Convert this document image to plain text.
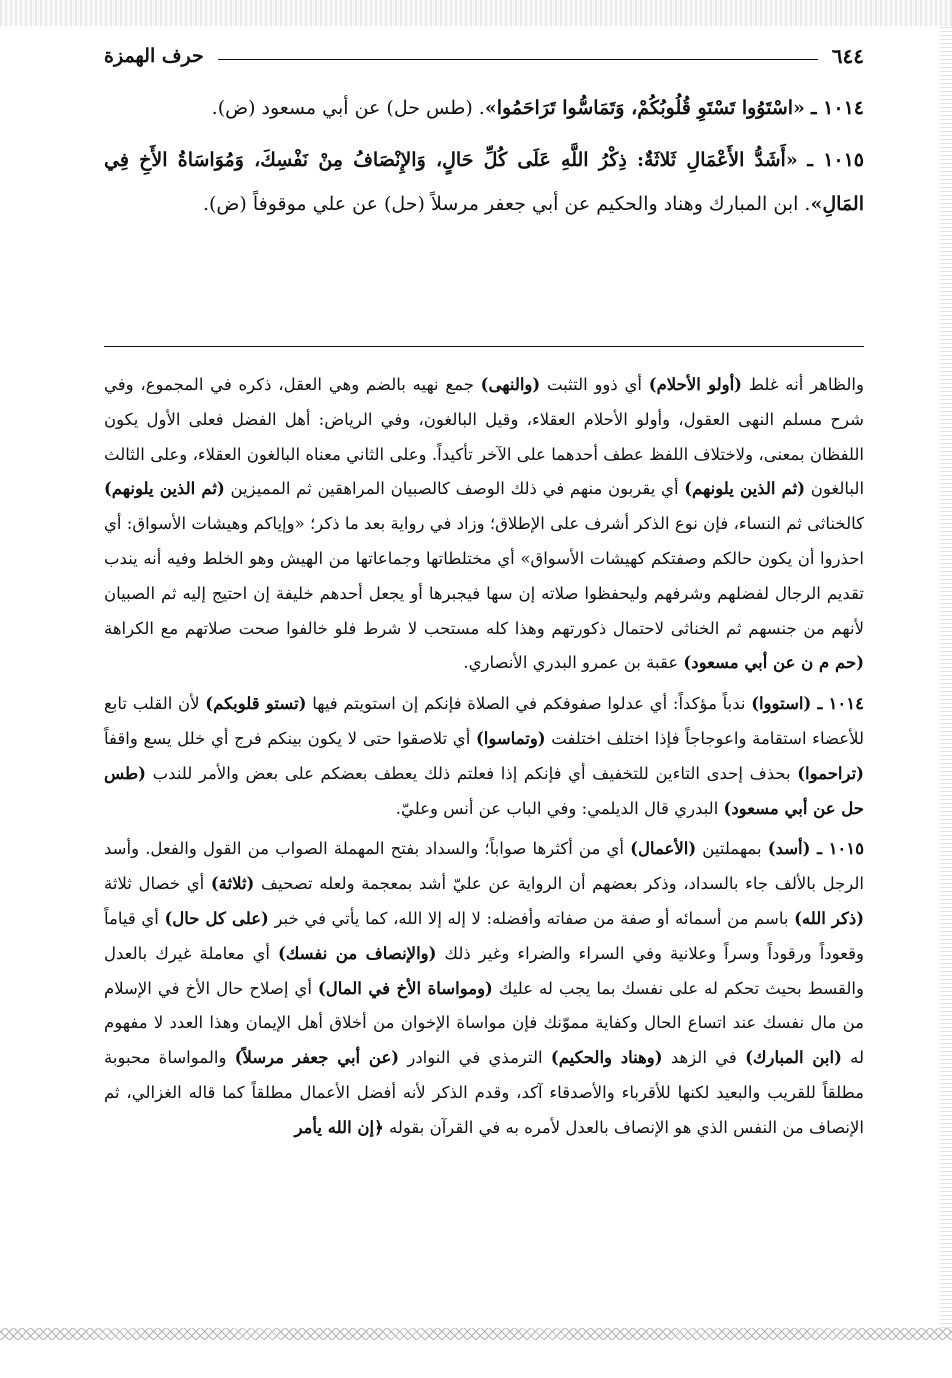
٦٤٤
حرف الهمزة

١٠١٤ ـ «اسْتَوُوا تَسْتَوِ قُلُوبُكُمْ، وَتَمَاسُّوا تَرَاحَمُوا». (طس حل) عن أبي مسعود (ض).

١٠١٥ ـ «أَشَدُّ الأَعْمَالِ ثَلاثَةٌ: ذِكْرُ اللَّهِ عَلَى كُلِّ حَالٍ، وَالإِنْصَافُ مِنْ نَفْسِكَ، وَمُوَاسَاةُ الأَخِ فِي المَالِ». ابن المبارك وهناد والحكيم عن أبي جعفر مرسلاً (حل) عن علي موقوفاً (ض).

والظاهر أنه غلط (أولو الأحلام) أي ذوو التثبت (والنهى) جمع نهيه بالضم وهي العقل، ذكره في المجموع، وفي شرح مسلم النهى العقول، وأولو الأحلام العقلاء، وقيل البالغون، وفي الرياض: أهل الفضل فعلى الأول يكون اللفظان بمعنى، ولاختلاف اللفظ عطف أحدهما على الآخر تأكيداً. وعلى الثاني معناه البالغون العقلاء، وعلى الثالث البالغون (ثم الذين يلونهم) أي يقربون منهم في ذلك الوصف كالصبيان المراهقين ثم المميزين (ثم الذين يلونهم) كالخناثى ثم النساء، فإن نوع الذكر أشرف على الإطلاق؛ وزاد في رواية بعد ما ذكر؛ «وإياكم وهيشات الأسواق: أي احذروا أن يكون حالكم وصفتكم كهيشات الأسواق» أي مختلطاتها وجماعاتها من الهيش وهو الخلط وفيه أنه يندب تقديم الرجال لفضلهم وشرفهم وليحفظوا صلاته إن سها فيجبرها أو يجعل أحدهم خليفة إن احتيج إليه ثم الصبيان لأنهم من جنسهم ثم الخناثى لاحتمال ذكورتهم وهذا كله مستحب لا شرط فلو خالفوا صحت صلاتهم مع الكراهة (حم م ن عن أبي مسعود) عقبة بن عمرو البدري الأنصاري.

١٠١٤ ـ (استووا) ندباً مؤكداً: أي عدلوا صفوفكم في الصلاة فإنكم إن استويتم فيها (تستو قلوبكم) لأن القلب تابع للأعضاء استقامة واعوجاجاً فإذا اختلف اختلفت (وتماسوا) أي تلاصقوا حتى لا يكون بينكم فرج أي خلل يسع واقفاً (تراحموا) بحذف إحدى التاءين للتخفيف أي فإنكم إذا فعلتم ذلك يعطف بعضكم على بعض والأمر للندب (طس حل عن أبي مسعود) البدري قال الديلمي: وفي الباب عن أنس وعليّ.

١٠١٥ ـ (أسد) بمهملتين (الأعمال) أي من أكثرها صواباً؛ والسداد بفتح المهملة الصواب من القول والفعل. وأسد الرجل بالألف جاء بالسداد، وذكر بعضهم أن الرواية عن عليّ أشد بمعجمة ولعله تصحيف (ثلاثة) أي خصال ثلاثة (ذكر الله) باسم من أسمائه أو صفة من صفاته وأفضله: لا إله إلا الله، كما يأتي في خبر (على كل حال) أي قياماً وقعوداً ورقوداً وسراً وعلانية وفي السراء والضراء وغير ذلك (والإنصاف من نفسك) أي معاملة غيرك بالعدل والقسط بحيث تحكم له على نفسك بما يجب له عليك (ومواساة الأخ في المال) أي إصلاح حال الأخ في الإسلام من مال نفسك عند اتساع الحال وكفاية مموّنك فإن مواساة الإخوان من أخلاق أهل الإيمان وهذا العدد لا مفهوم له (ابن المبارك) في الزهد (وهناد والحكيم) الترمذي في النوادر (عن أبي جعفر مرسلاً) والمواساة محبوبة مطلقاً للقريب والبعيد لكنها للأقرباء والأصدقاء آكد، وقدم الذكر لأنه أفضل الأعمال مطلقاً كما قاله الغزالي، ثم الإنصاف من النفس الذي هو الإنصاف بالعدل لأمره به في القرآن بقوله ﴿إن الله يأمر
